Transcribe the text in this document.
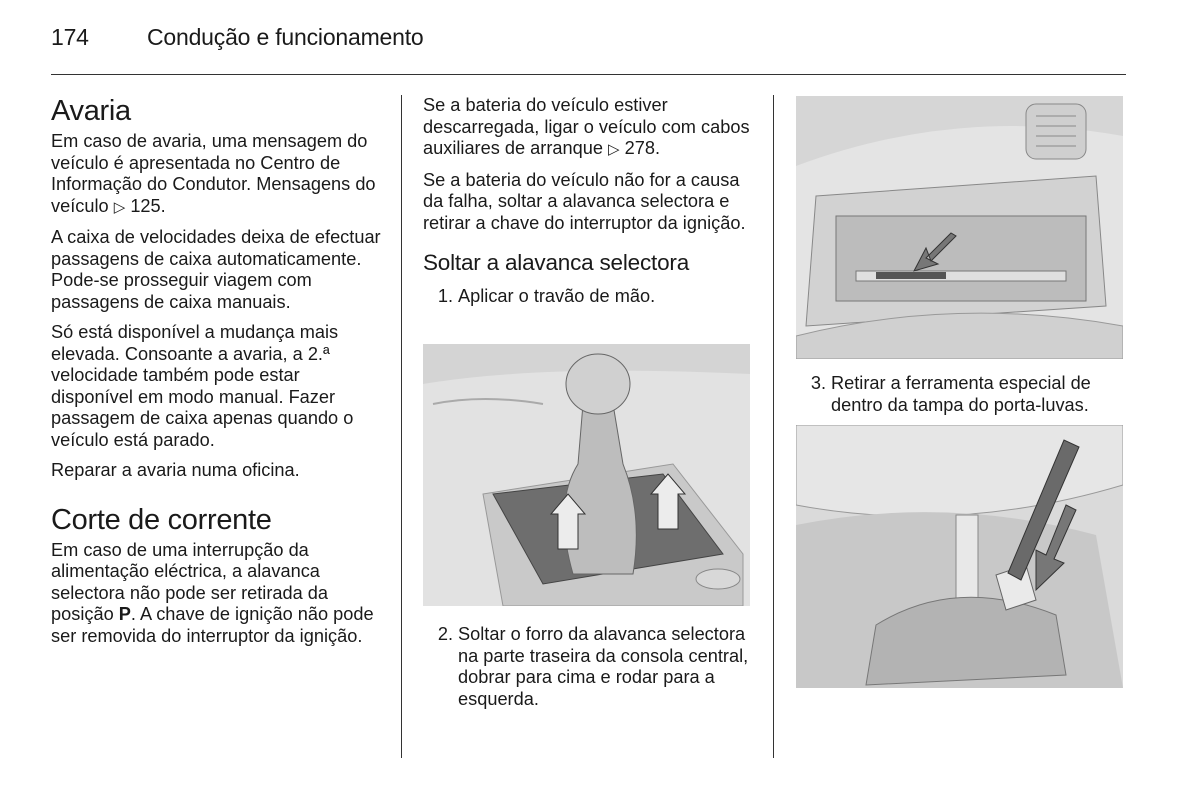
174	Condução e funcionamento
Avaria

Em caso de avaria, uma mensagem do veículo é apresentada no Centro de Informação do Condutor. Mensagens do veículo ▷ 125.

A caixa de velocidades deixa de efectuar passagens de caixa automaticamente. Pode-se prosseguir viagem com passagens de caixa manuais.

Só está disponível a mudança mais elevada. Consoante a avaria, a 2.ª velocidade também pode estar disponível em modo manual. Fazer passagem de caixa apenas quando o veículo está parado.

Reparar a avaria numa oficina.

Corte de corrente

Em caso de uma interrupção da alimentação eléctrica, a alavanca selectora não pode ser retirada da posição P. A chave de ignição não pode ser removida do interruptor da ignição.

Se a bateria do veículo estiver descarregada, ligar o veículo com cabos auxiliares de arranque ▷ 278.

Se a bateria do veículo não for a causa da falha, soltar a alavanca selectora e retirar a chave do interruptor da ignição.

Soltar a alavanca selectora
1. Aplicar o travão de mão.
2. Soltar o forro da alavanca selectora na parte traseira da consola central, dobrar para cima e rodar para a esquerda.
3. Retirar a ferramenta especial de dentro da tampa do porta-luvas.
